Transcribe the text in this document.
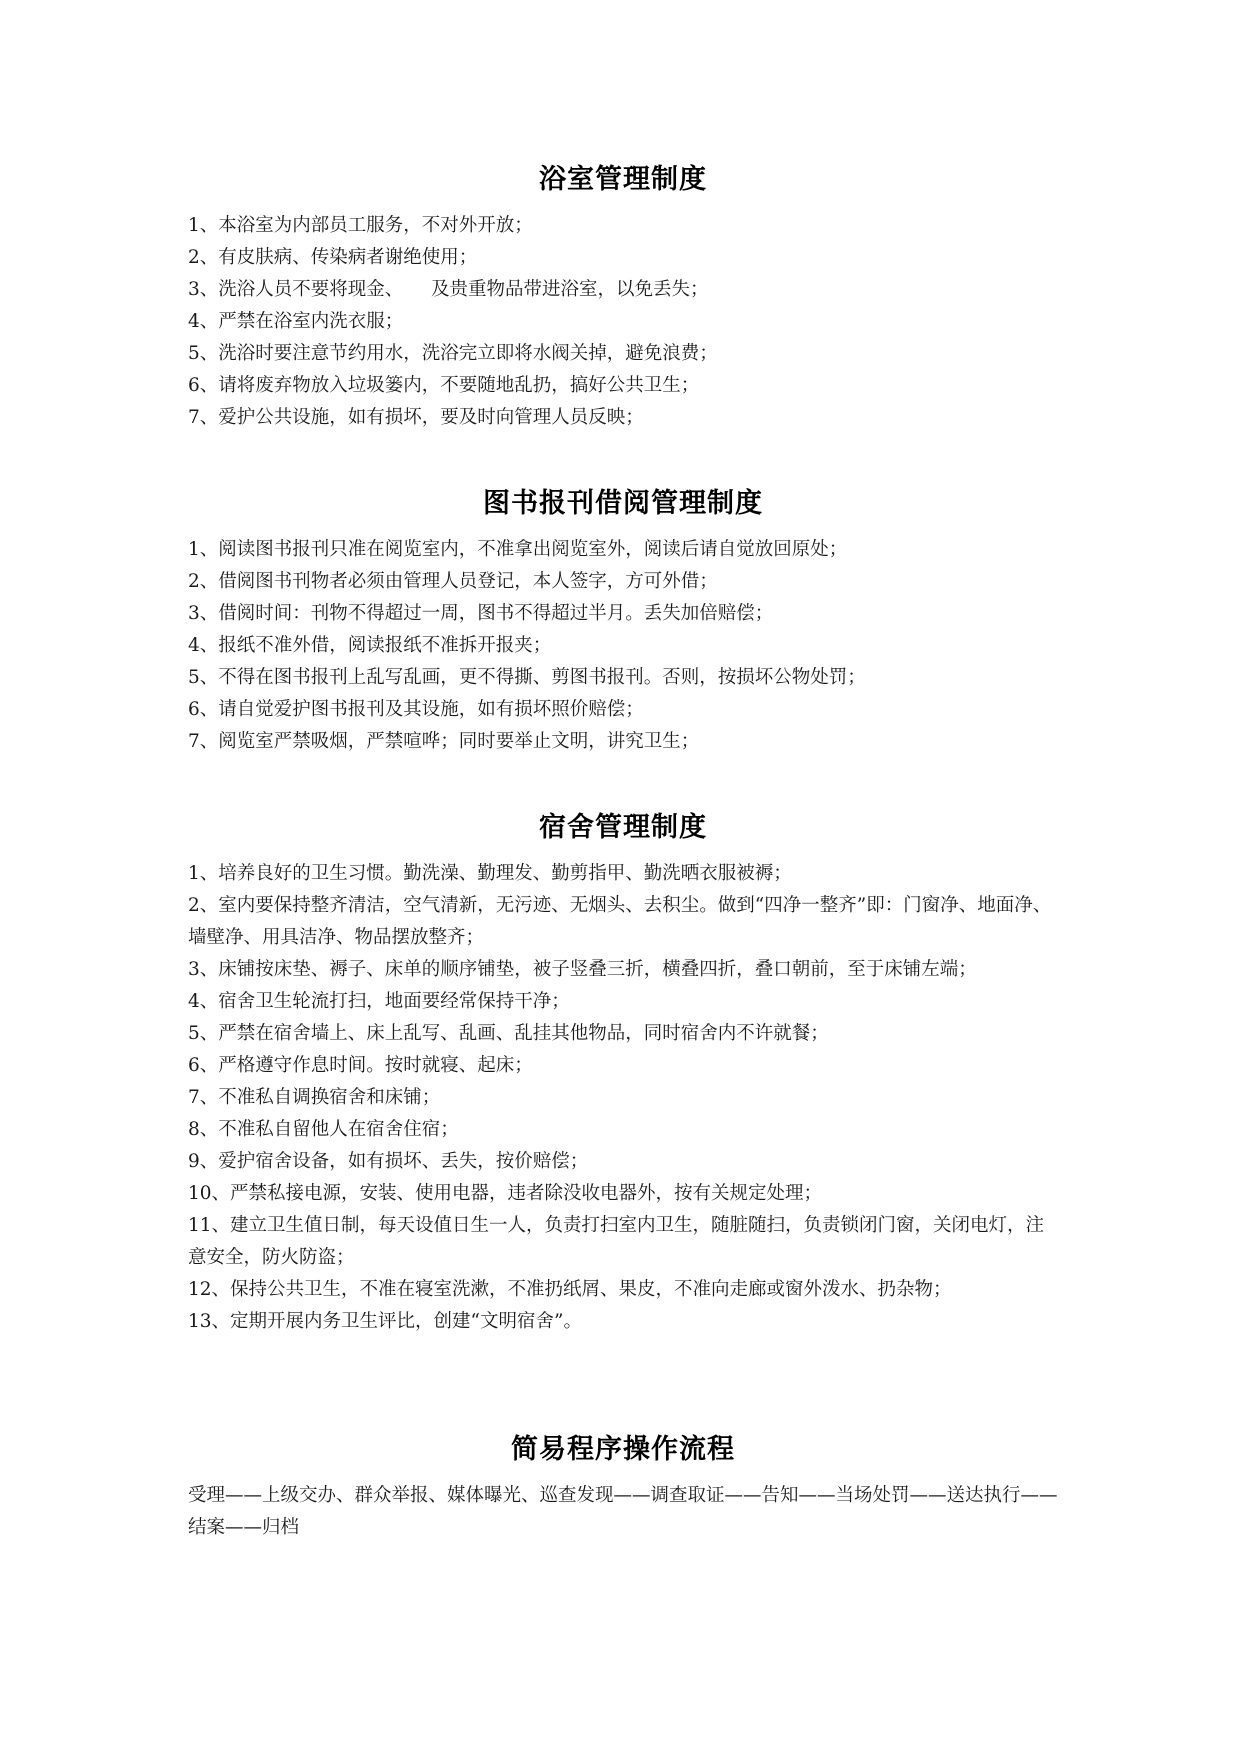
浴室管理制度
1、本浴室为内部员工服务，不对外开放；
2、有皮肤病、传染病者谢绝使用；
3、洗浴人员不要将现金、　　及贵重物品带进浴室，以免丢失；
4、严禁在浴室内洗衣服；
5、洗浴时要注意节约用水，洗浴完立即将水阀关掉，避免浪费；
6、请将废弃物放入垃圾篓内，不要随地乱扔，搞好公共卫生；
7、爱护公共设施，如有损坏，要及时向管理人员反映；
图书报刊借阅管理制度
1、阅读图书报刊只准在阅览室内，不准拿出阅览室外，阅读后请自觉放回原处；
2、借阅图书刊物者必须由管理人员登记，本人签字，方可外借；
3、借阅时间：刊物不得超过一周，图书不得超过半月。丢失加倍赔偿；
4、报纸不准外借，阅读报纸不准拆开报夹；
5、不得在图书报刊上乱写乱画，更不得撕、剪图书报刊。否则，按损坏公物处罚；
6、请自觉爱护图书报刊及其设施，如有损坏照价赔偿；
7、阅览室严禁吸烟，严禁喧哗；同时要举止文明，讲究卫生；
宿舍管理制度
1、培养良好的卫生习惯。勤洗澡、勤理发、勤剪指甲、勤洗晒衣服被褥；
2、室内要保持整齐清洁，空气清新，无污迹、无烟头、去积尘。做到“四净一整齐”即：门窗净、地面净、墙壁净、用具洁净、物品摆放整齐；
3、床铺按床垫、褥子、床单的顺序铺垫，被子竖叠三折，横叠四折，叠口朝前，至于床铺左端；
4、宿舍卫生轮流打扫，地面要经常保持干净；
5、严禁在宿舍墙上、床上乱写、乱画、乱挂其他物品，同时宿舍内不许就餐；
6、严格遵守作息时间。按时就寝、起床；
7、不准私自调换宿舍和床铺；
8、不准私自留他人在宿舍住宿；
9、爱护宿舍设备，如有损坏、丢失，按价赔偿；
10、严禁私接电源，安装、使用电器，违者除没收电器外，按有关规定处理；
11、建立卫生值日制，每天设值日生一人，负责打扫室内卫生，随脏随扫，负责锁闭门窗，关闭电灯，注意安全，防火防盗；
12、保持公共卫生，不准在寝室洗漱，不准扔纸屑、果皮，不准向走廊或窗外泼水、扔杂物；
13、定期开展内务卫生评比，创建“文明宿舍”。
简易程序操作流程
受理——上级交办、群众举报、媒体曝光、巡查发现——调查取证——告知——当场处罚——送达执行——结案——归档
